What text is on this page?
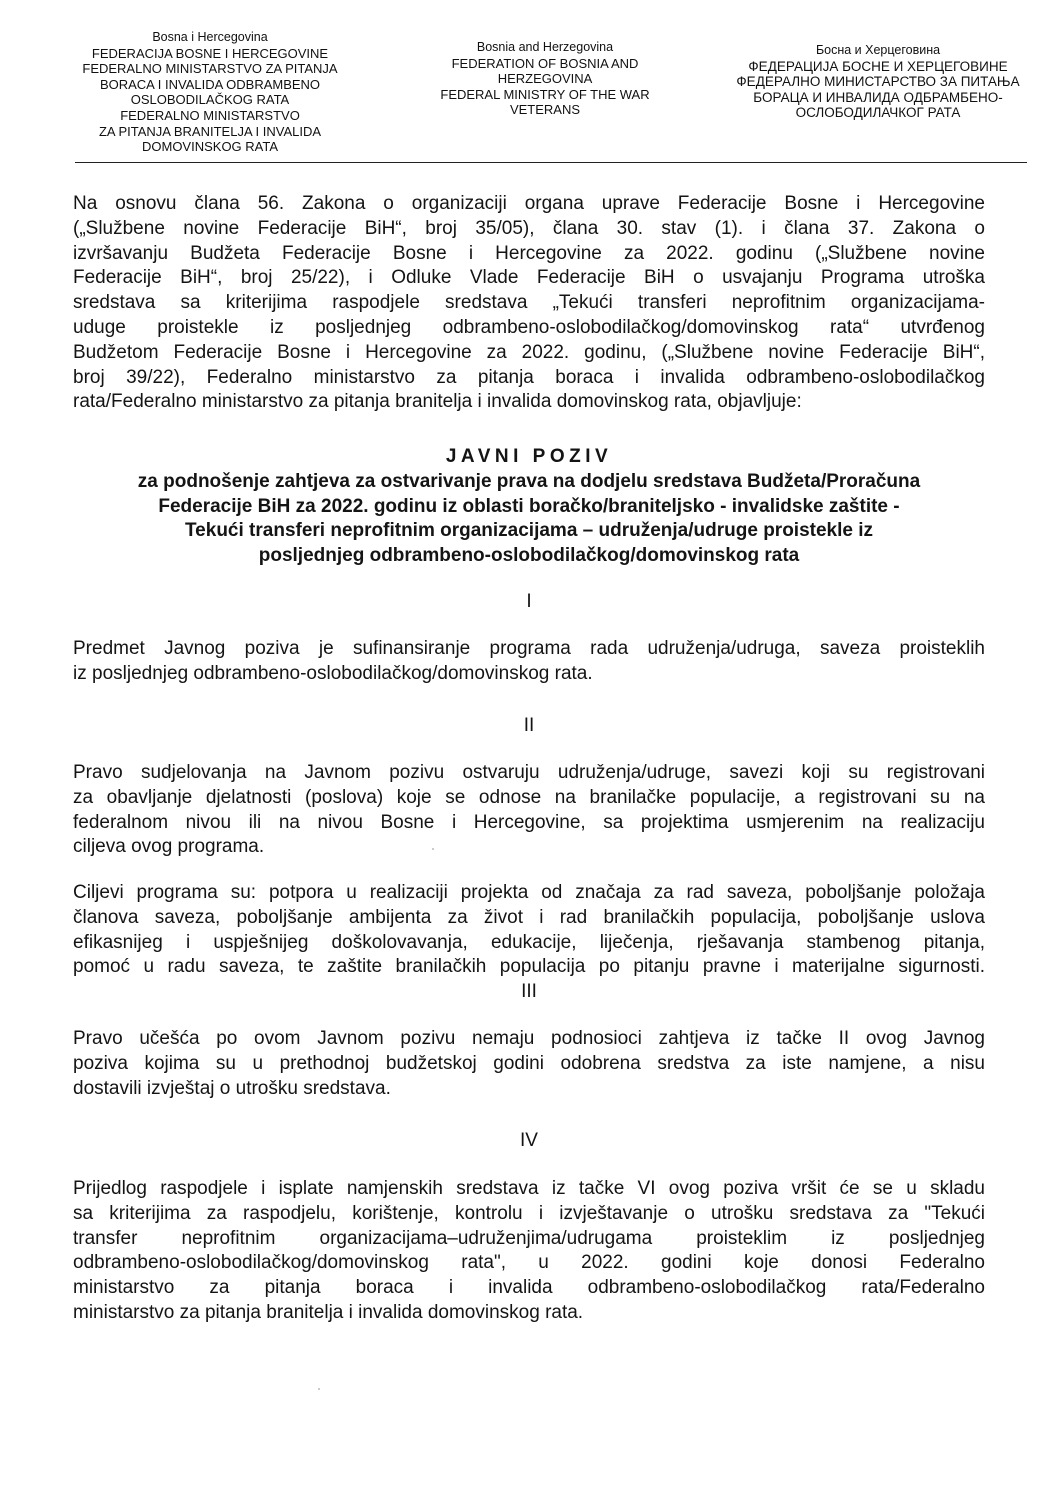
Bosna i Hercegovina
FEDERACIJA BOSNE I HERCEGOVINE
FEDERALNO MINISTARSTVO ZA PITANJA
BORACA I INVALIDA ODBRAMBENO
OSLOBODILAČKOG RATA
FEDERALNO MINISTARSTVO
ZA PITANJA BRANITELJA I INVALIDA
DOMOVINSKOG RATA
Bosnia and Herzegovina
FEDERATION OF BOSNIA AND
HERZEGOVINA
FEDERAL MINISTRY OF THE WAR
VETERANS
Босна и Херцеговина
ФЕДЕРАЦИЈА БОСНЕ И ХЕРЦЕГОВИНЕ
ФЕДЕРАЛНО МИНИСТАРСТВО ЗА ПИТАЊА
БОРАЦА И ИНВАЛИДА ОДБРАМБЕНО-
ОСЛОБОДИЛАЧКОГ РАТА
Na osnovu člana 56. Zakona o organizaciji organa uprave Federacije Bosne i Hercegovine
(„Službene novine Federacije BiH“, broj 35/05), člana 30. stav (1). i člana 37. Zakona o
izvršavanju Budžeta Federacije Bosne i Hercegovine za 2022. godinu („Službene novine
Federacije BiH“, broj 25/22), i Odluke Vlade Federacije BiH o usvajanju Programa utroška
sredstava sa kriterijima raspodjele sredstava „Tekući transferi neprofitnim organizacijama-
uduge proistekle iz posljednjeg odbrambeno-oslobodilačkog/domovinskog rata“ utvrđenog
Budžetom Federacije Bosne i Hercegovine za 2022. godinu, („Službene novine Federacije BiH“,
broj 39/22), Federalno ministarstvo za pitanja boraca i invalida odbrambeno-oslobodilačkog
rata/Federalno ministarstvo za pitanja branitelja i invalida domovinskog rata, objavljuje:
JAVNI POZIV
za podnošenje zahtjeva za ostvarivanje prava na dodjelu sredstava Budžeta/Proračuna
Federacije BiH za 2022. godinu iz oblasti boračko/braniteljsko - invalidske zaštite -
Tekući transferi neprofitnim organizacijama – udruženja/udruge proistekle iz
posljednjeg odbrambeno-oslobodilačkog/domovinskog rata
I
Predmet Javnog poziva je sufinansiranje programa rada udruženja/udruga, saveza proisteklih
iz posljednjeg odbrambeno-oslobodilačkog/domovinskog rata.
II
Pravo sudjelovanja na Javnom pozivu ostvaruju udruženja/udruge, savezi koji su registrovani
za obavljanje djelatnosti (poslova) koje se odnose na branilačke populacije, a registrovani su na
federalnom nivou ili na nivou Bosne i Hercegovine, sa projektima usmjerenim na realizaciju
ciljeva ovog programa.
Ciljevi programa su: potpora u realizaciji projekta od značaja za rad saveza, poboljšanje položaja
članova saveza, poboljšanje ambijenta za život i rad branilačkih populacija, poboljšanje uslova
efikasnijeg i uspješnijeg doškolovavanja, edukacije, liječenja, rješavanja stambenog pitanja,
pomoć u radu saveza, te zaštite branilačkih populacija po pitanju pravne i materijalne sigurnosti.
III
Pravo učešća po ovom Javnom pozivu nemaju podnosioci zahtjeva iz tačke II ovog Javnog
poziva kojima su u prethodnoj budžetskoj godini odobrena sredstva za iste namjene, a nisu
dostavili izvještaj o utrošku sredstava.
IV
Prijedlog raspodjele i isplate namjenskih sredstava iz tačke VI ovog poziva vršit će se u skladu
sa kriterijima za raspodjelu, korištenje, kontrolu i izvještavanje o utrošku sredstava za "Tekući
transfer neprofitnim organizacijama–udruženjima/udrugama proisteklim iz posljednjeg
odbrambeno-oslobodilačkog/domovinskog rata", u 2022. godini koje donosi Federalno
ministarstvo za pitanja boraca i invalida odbrambeno-oslobodilačkog rata/Federalno
ministarstvo za pitanja branitelja i invalida domovinskog rata.
